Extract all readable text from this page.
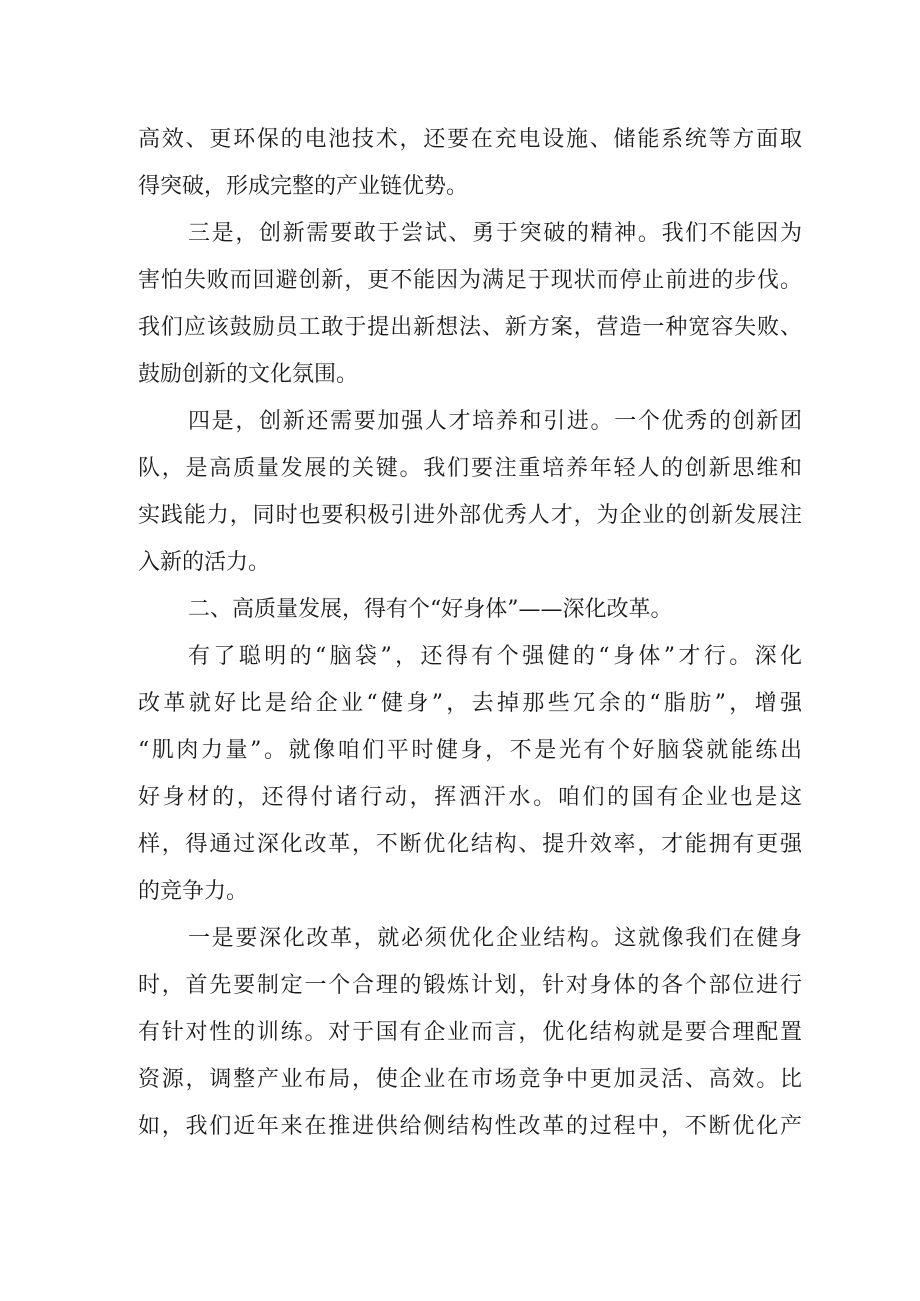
高效、更环保的电池技术，还要在充电设施、储能系统等方面取
得突破，形成完整的产业链优势。
三是，创新需要敢于尝试、勇于突破的精神。我们不能因为
害怕失败而回避创新，更不能因为满足于现状而停止前进的步伐。
我们应该鼓励员工敢于提出新想法、新方案，营造一种宽容失败、
鼓励创新的文化氛围。
四是，创新还需要加强人才培养和引进。一个优秀的创新团
队，是高质量发展的关键。我们要注重培养年轻人的创新思维和
实践能力，同时也要积极引进外部优秀人才，为企业的创新发展注
入新的活力。
二、高质量发展，得有个“好身体”——深化改革。
有了聪明的“脑袋”，还得有个强健的“身体”才行。深化
改革就好比是给企业“健身”，去掉那些冗余的“脂肪”，增强
“肌肉力量”。就像咱们平时健身，不是光有个好脑袋就能练出
好身材的，还得付诸行动，挥洒汗水。咱们的国有企业也是这
样，得通过深化改革，不断优化结构、提升效率，才能拥有更强
的竞争力。
一是要深化改革，就必须优化企业结构。这就像我们在健身
时，首先要制定一个合理的锻炼计划，针对身体的各个部位进行
有针对性的训练。对于国有企业而言，优化结构就是要合理配置
资源，调整产业布局，使企业在市场竞争中更加灵活、高效。比
如，我们近年来在推进供给侧结构性改革的过程中，不断优化产
